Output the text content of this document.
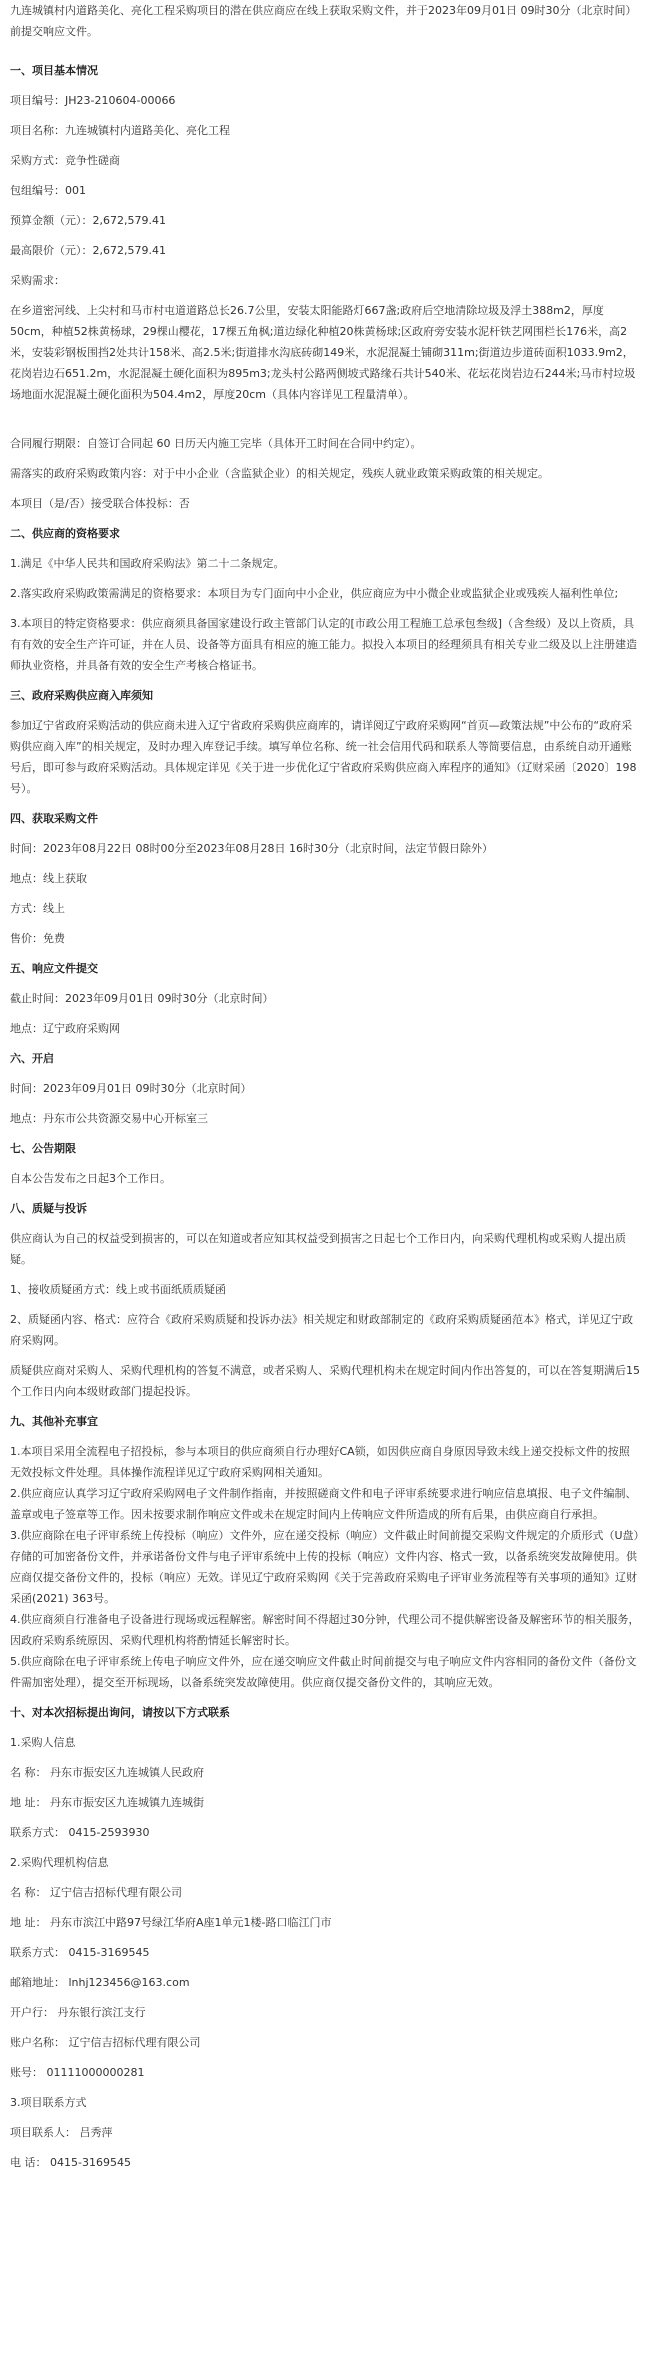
九连城镇村内道路美化、亮化工程采购项目的潜在供应商应在线上获取采购文件，并于2023年09月01日 09时30分（北京时间）前提交响应文件。
一、项目基本情况
项目编号：JH23-210604-00066
项目名称：九连城镇村内道路美化、亮化工程
采购方式：竞争性磋商
包组编号：001
预算金额（元）：2,672,579.41
最高限价（元）：2,672,579.41
采购需求：
在乡道密河线、上尖村和马市村屯道道路总长26.7公里，安装太阳能路灯667盏;政府后空地清除垃圾及浮土388m2，厚度50cm，种植52株黄杨球，29棵山樱花，17棵五角枫;道边绿化种植20株黄杨球;区政府旁安装水泥杆铁艺网围栏长176米，高2米，安装彩钢板围挡2处共计158米、高2.5米;街道排水沟底砖砌149米，水泥混凝土铺砌311m;街道边步道砖面积1033.9m2，花岗岩边石651.2m，水泥混凝土硬化面积为895m3;龙头村公路两侧坡式路缘石共计540米、花坛花岗岩边石244米;马市村垃圾场地面水泥混凝土硬化面积为504.4m2，厚度20cm（具体内容详见工程量清单）。
合同履行期限：自签订合同起 60 日历天内施工完毕（具体开工时间在合同中约定）。
需落实的政府采购政策内容：对于中小企业（含监狱企业）的相关规定，残疾人就业政策采购政策的相关规定。
本项目（是/否）接受联合体投标：否
二、供应商的资格要求
1.满足《中华人民共和国政府采购法》第二十二条规定。
2.落实政府采购政策需满足的资格要求：本项目为专门面向中小企业，供应商应为中小微企业或监狱企业或残疾人福利性单位;
3.本项目的特定资格要求：供应商须具备国家建设行政主管部门认定的[市政公用工程施工总承包叁级]（含叁级）及以上资质，具有有效的安全生产许可证，并在人员、设备等方面具有相应的施工能力。拟投入本项目的经理须具有相关专业二级及以上注册建造师执业资格，并具备有效的安全生产考核合格证书。
三、政府采购供应商入库须知
参加辽宁省政府采购活动的供应商未进入辽宁省政府采购供应商库的，请详阅辽宁政府采购网“首页—政策法规”中公布的“政府采购供应商入库”的相关规定，及时办理入库登记手续。填写单位名称、统一社会信用代码和联系人等简要信息，由系统自动开通账号后，即可参与政府采购活动。具体规定详见《关于进一步优化辽宁省政府采购供应商入库程序的通知》（辽财采函〔2020〕198号）。
四、获取采购文件
时间：2023年08月22日 08时00分至2023年08月28日 16时30分（北京时间，法定节假日除外）
地点：线上获取
方式：线上
售价：免费
五、响应文件提交
截止时间：2023年09月01日 09时30分（北京时间）
地点：辽宁政府采购网
六、开启
时间：2023年09月01日 09时30分（北京时间）
地点：丹东市公共资源交易中心开标室三
七、公告期限
自本公告发布之日起3个工作日。
八、质疑与投诉
供应商认为自己的权益受到损害的，可以在知道或者应知其权益受到损害之日起七个工作日内，向采购代理机构或采购人提出质疑。
1、接收质疑函方式：线上或书面纸质质疑函
2、质疑函内容、格式：应符合《政府采购质疑和投诉办法》相关规定和财政部制定的《政府采购质疑函范本》格式，详见辽宁政府采购网。
质疑供应商对采购人、采购代理机构的答复不满意，或者采购人、采购代理机构未在规定时间内作出答复的，可以在答复期满后15个工作日内向本级财政部门提起投诉。
九、其他补充事宜
1.本项目采用全流程电子招投标，参与本项目的供应商须自行办理好CA锁，如因供应商自身原因导致未线上递交投标文件的按照无效投标文件处理。具体操作流程详见辽宁政府采购网相关通知。
2.供应商应认真学习辽宁政府采购网电子文件制作指南，并按照磋商文件和电子评审系统要求进行响应信息填报、电子文件编制、盖章或电子签章等工作。因未按要求制作响应文件或未在规定时间内上传响应文件所造成的所有后果，由供应商自行承担。
3.供应商除在电子评审系统上传投标（响应）文件外，应在递交投标（响应）文件截止时间前提交采购文件规定的介质形式（U盘）存储的可加密备份文件，并承诺备份文件与电子评审系统中上传的投标（响应）文件内容、格式一致，以备系统突发故障使用。供应商仅提交备份文件的，投标（响应）无效。详见辽宁政府采购网《关于完善政府采购电子评审业务流程等有关事项的通知》辽财采函(2021) 363号。
4.供应商须自行准备电子设备进行现场或远程解密。解密时间不得超过30分钟，代理公司不提供解密设备及解密环节的相关服务，因政府采购系统原因、采购代理机构将酌情延长解密时长。
5.供应商除在电子评审系统上传电子响应文件外，应在递交响应文件截止时间前提交与电子响应文件内容相同的备份文件（备份文件需加密处理），提交至开标现场，以备系统突发故障使用。供应商仅提交备份文件的，其响应无效。
十、对本次招标提出询问，请按以下方式联系
1.采购人信息
名 称： 丹东市振安区九连城镇人民政府
地 址： 丹东市振安区九连城镇九连城街
联系方式： 0415-2593930
2.采购代理机构信息
名 称： 辽宁信吉招标代理有限公司
地 址： 丹东市滨江中路97号绿江华府A座1单元1楼-路口临江门市
联系方式： 0415-3169545
邮箱地址： lnhj123456@163.com
开户行： 丹东银行滨江支行
账户名称： 辽宁信吉招标代理有限公司
账号： 01111000000281
3.项目联系方式
项目联系人： 吕秀萍
电 话： 0415-3169545
